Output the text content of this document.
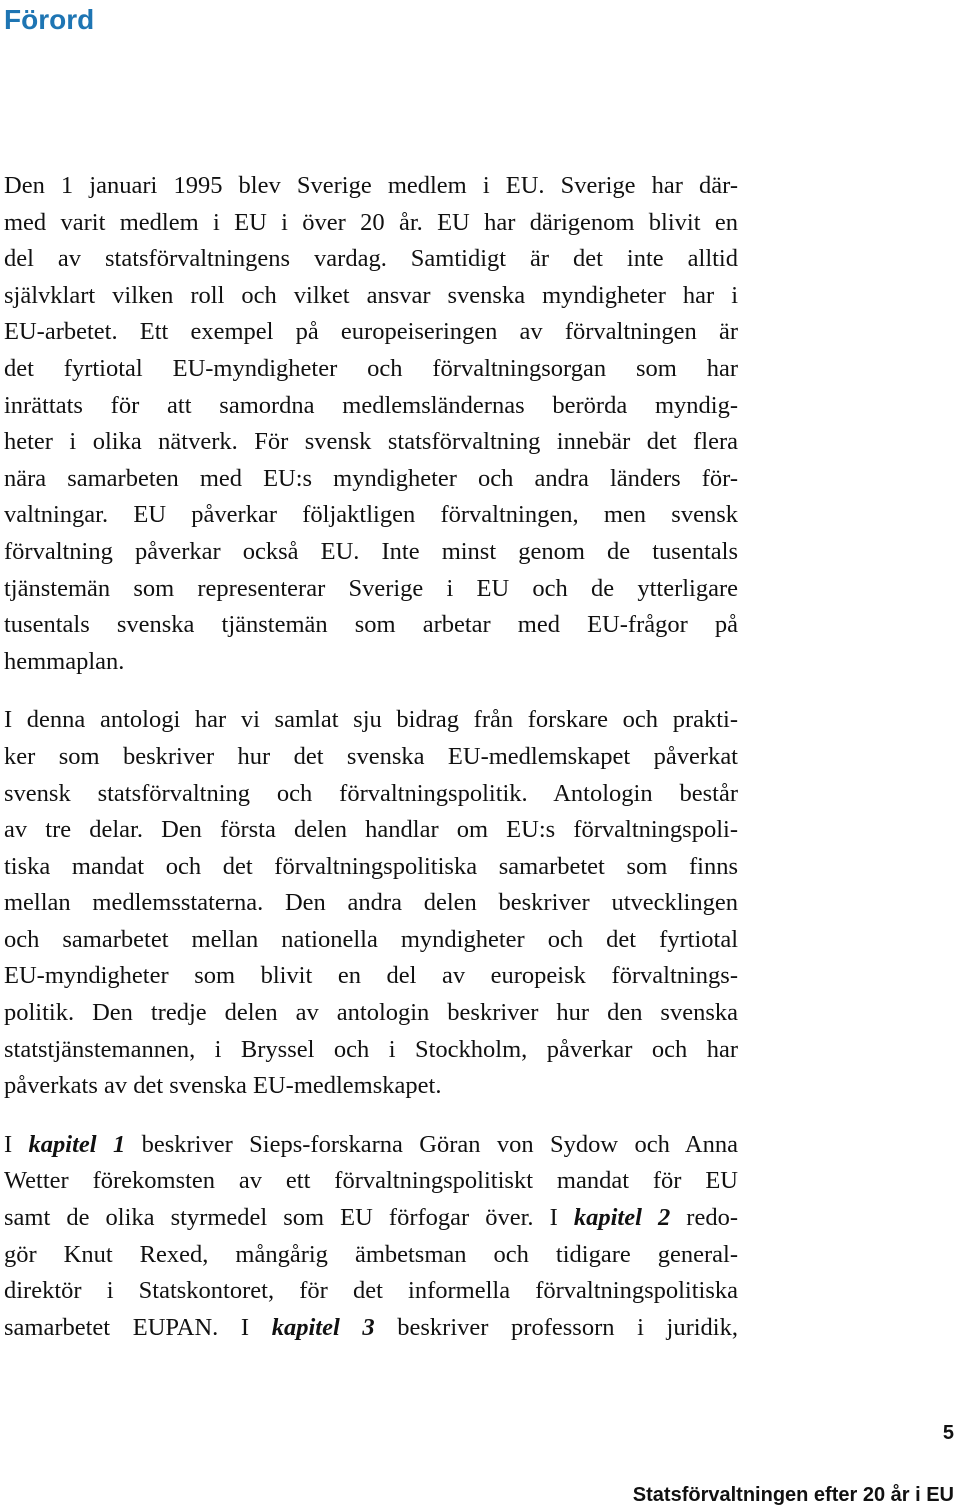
Förord
Den 1 januari 1995 blev Sverige medlem i EU. Sverige har där-
med varit medlem i EU i över 20 år. EU har därigenom blivit en
del av statsförvaltningens vardag. Samtidigt är det inte alltid
självklart vilken roll och vilket ansvar svenska myndigheter har i
EU-arbetet. Ett exempel på europeiseringen av förvaltningen är
det fyrtiotal EU-myndigheter och förvaltningsorgan som har
inrättats för att samordna medlemsländernas berörda myndig-
heter i olika nätverk. För svensk statsförvaltning innebär det flera
nära samarbeten med EU:s myndigheter och andra länders för-
valtningar. EU påverkar följaktligen förvaltningen, men svensk
förvaltning påverkar också EU. Inte minst genom de tusentals
tjänstemän som representerar Sverige i EU och de ytterligare
tusentals svenska tjänstemän som arbetar med EU-frågor på
hemmaplan.
I denna antologi har vi samlat sju bidrag från forskare och prakti-
ker som beskriver hur det svenska EU-medlemskapet påverkat
svensk statsförvaltning och förvaltningspolitik. Antologin består
av tre delar. Den första delen handlar om EU:s förvaltningspoli-
tiska mandat och det förvaltningspolitiska samarbetet som finns
mellan medlemsstaterna. Den andra delen beskriver utvecklingen
och samarbetet mellan nationella myndigheter och det fyrtiotal
EU-myndigheter som blivit en del av europeisk förvaltnings-
politik. Den tredje delen av antologin beskriver hur den svenska
statstjänstemannen, i Bryssel och i Stockholm, påverkar och har
påverkats av det svenska EU-medlemskapet.
I kapitel 1 beskriver Sieps-forskarna Göran von Sydow och Anna
Wetter förekomsten av ett förvaltningspolitiskt mandat för EU
samt de olika styrmedel som EU förfogar över. I kapitel 2 redo-
gör Knut Rexed, mångårig ämbetsman och tidigare general-
direktör i Statskontoret, för det informella förvaltningspolitiska
samarbetet EUPAN. I kapitel 3 beskriver professorn i juridik,
5
Statsförvaltningen efter 20 år i EU
